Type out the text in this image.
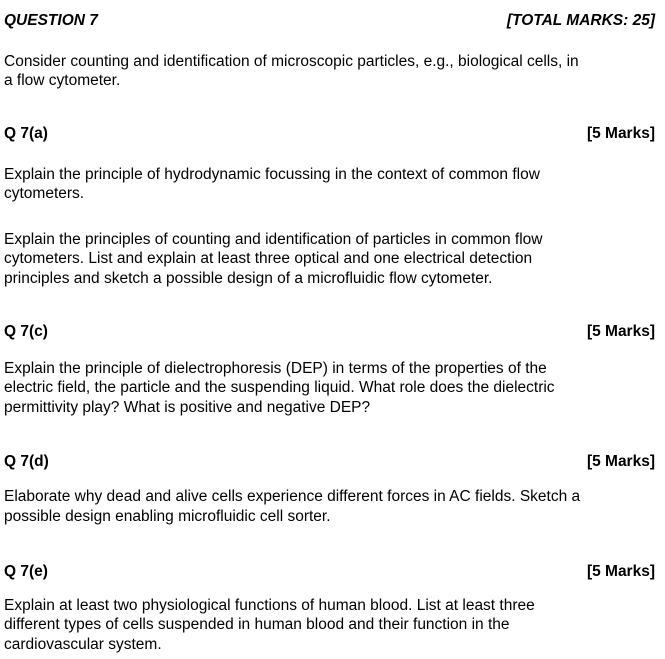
QUESTION 7	[TOTAL MARKS: 25]
Consider counting and identification of microscopic particles, e.g., biological cells, in
a flow cytometer.
Q 7(a)	[5 Marks]
Explain the principle of hydrodynamic focussing in the context of common flow
cytometers.
Explain the principles of counting and identification of particles in common flow
cytometers. List and explain at least three optical and one electrical detection
principles and sketch a possible design of a microfluidic flow cytometer.
Q 7(c)	[5 Marks]
Explain the principle of dielectrophoresis (DEP) in terms of the properties of the
electric field, the particle and the suspending liquid. What role does the dielectric
permittivity play? What is positive and negative DEP?
Q 7(d)	[5 Marks]
Elaborate why dead and alive cells experience different forces in AC fields. Sketch a
possible design enabling microfluidic cell sorter.
Q 7(e)	[5 Marks]
Explain at least two physiological functions of human blood. List at least three
different types of cells suspended in human blood and their function in the
cardiovascular system.
